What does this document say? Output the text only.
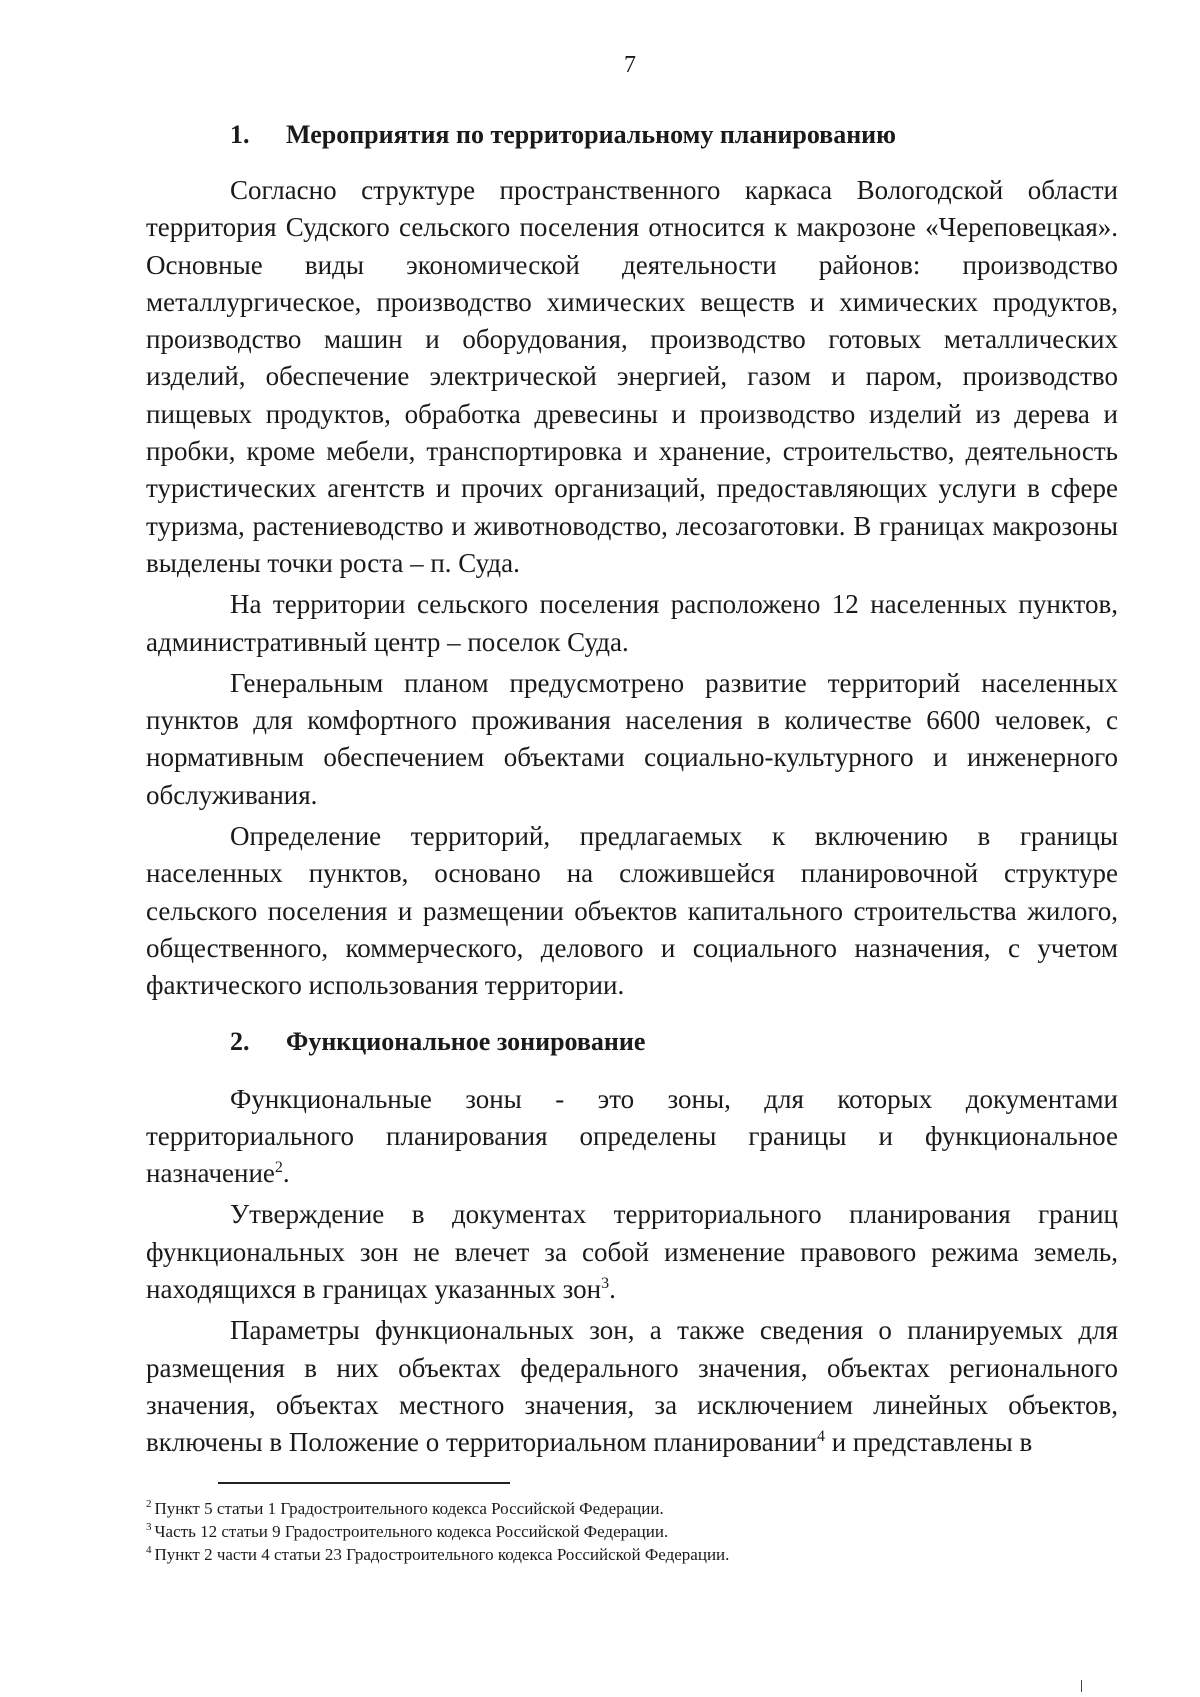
7
1. Мероприятия по территориальному планированию

Согласно структуре пространственного каркаса Вологодской области территория Судского сельского поселения относится к макрозоне «Череповецкая». Основные виды экономической деятельности районов: производство металлургическое, производство химических веществ и химических продуктов, производство машин и оборудования, производство готовых металлических изделий, обеспечение электрической энергией, газом и паром, производство пищевых продуктов, обработка древесины и производство изделий из дерева и пробки, кроме мебели, транспортировка и хранение, строительство, деятельность туристических агентств и прочих организаций, предоставляющих услуги в сфере туризма, растениеводство и животноводство, лесозаготовки. В границах макрозоны выделены точки роста – п. Суда.

На территории сельского поселения расположено 12 населенных пунктов, административный центр – поселок Суда.

Генеральным планом предусмотрено развитие территорий населенных пунктов для комфортного проживания населения в количестве 6600 человек, с нормативным обеспечением объектами социально-культурного и инженерного обслуживания.

Определение территорий, предлагаемых к включению в границы населенных пунктов, основано на сложившейся планировочной структуре сельского поселения и размещении объектов капитального строительства жилого, общественного, коммерческого, делового и социального назначения, с учетом фактического использования территории.

2. Функциональное зонирование

Функциональные зоны - это зоны, для которых документами территориального планирования определены границы и функциональное назначение$^2$.

Утверждение в документах территориального планирования границ функциональных зон не влечет за собой изменение правового режима земель, находящихся в границах указанных зон$^3$.

Параметры функциональных зон, а также сведения о планируемых для размещения в них объектах федерального значения, объектах регионального значения, объектах местного значения, за исключением линейных объектов, включены в Положение о территориальном планировании$^4$ и представлены в

$^2$ Пункт 5 статьи 1 Градостроительного кодекса Российской Федерации.

$^3$ Часть 12 статьи 9 Градостроительного кодекса Российской Федерации.

$^4$ Пункт 2 части 4 статьи 23 Градостроительного кодекса Российской Федерации.
